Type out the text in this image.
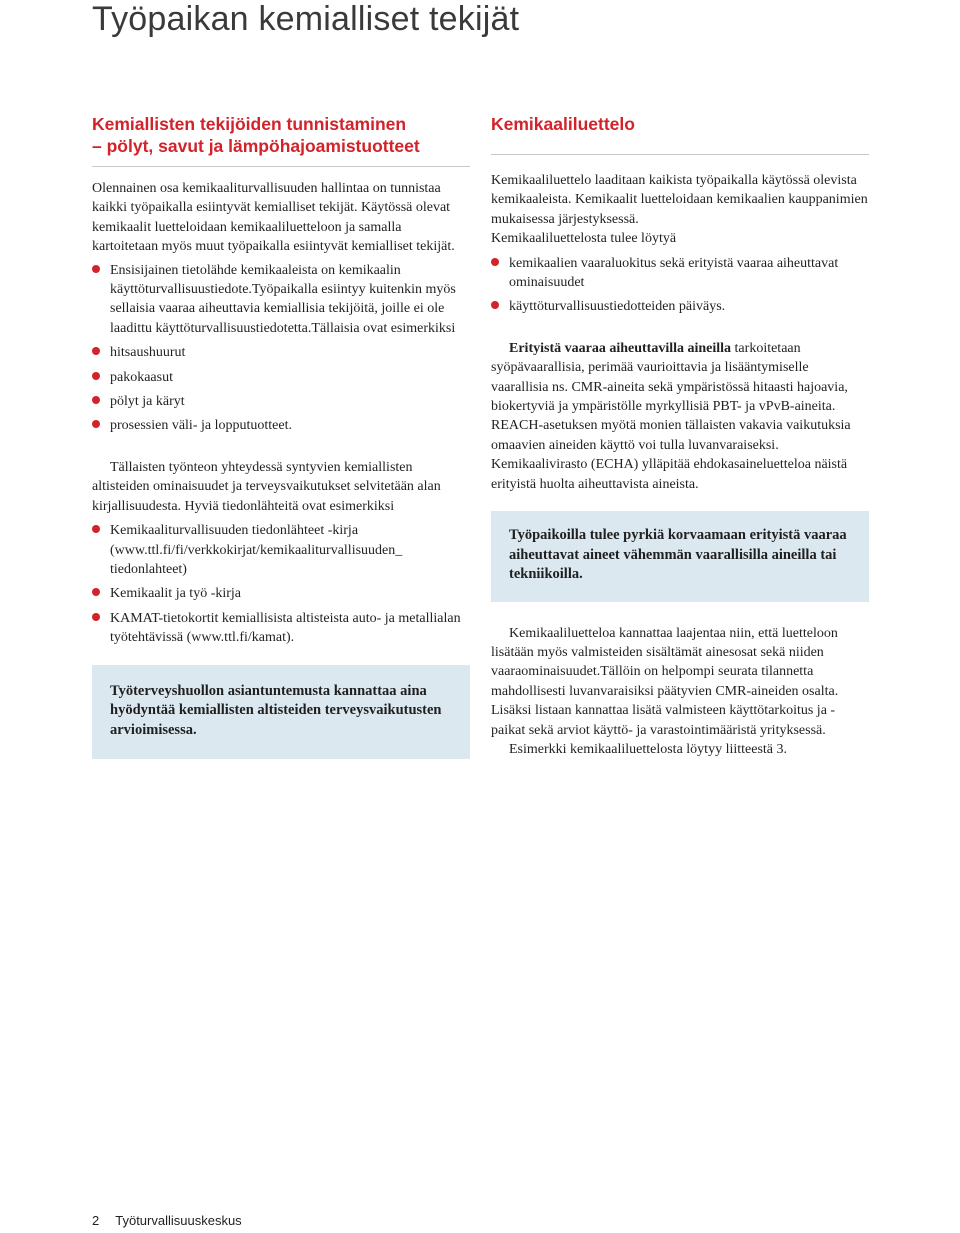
Työpaikan kemialliset tekijät
Kemiallisten tekijöiden tunnistaminen
– pölyt, savut ja lämpöhajoamistuotteet

Olennainen osa kemikaaliturvallisuuden hallintaa on tunnistaa kaikki työpaikalla esiintyvät kemialliset tekijät. Käytössä olevat kemikaalit luetteloidaan kemikaaliluetteloon ja samalla kartoitetaan myös muut työpaikalla esiintyvät kemialliset tekijät.

Ensisijainen tietolähde kemikaaleista on kemikaalin käyttöturvallisuustiedote.Työpaikalla esiintyy kuitenkin myös sellaisia vaaraa aiheuttavia kemiallisia tekijöitä, joille ei ole laadittu käyttöturvallisuustiedotetta.Tällaisia ovat esimerkiksi
hitsaushuurut
pakokaasut
pölyt ja käryt
prosessien väli- ja lopputuotteet.

Tällaisten työnteon yhteydessä syntyvien kemiallisten altisteiden ominaisuudet ja terveysvaikutukset selvitetään alan kirjallisuudesta. Hyviä tiedonlähteitä ovat esimerkiksi

Kemikaaliturvallisuuden tiedonlähteet -kirja (www.ttl.fi/fi/verkkokirjat/kemikaaliturvallisuuden_ tiedonlahteet)
Kemikaalit ja työ -kirja
KAMAT-tietokortit kemiallisista altisteista auto- ja metallialan työtehtävissä (www.ttl.fi/kamat).
Työterveyshuollon asiantuntemusta kannattaa aina hyödyntää kemiallisten altisteiden terveysvaikutusten arvioimisessa.
Kemikaaliluettelo

Kemikaaliluettelo laaditaan kaikista työpaikalla käytössä olevista kemikaaleista. Kemikaalit luetteloidaan kemikaalien kauppanimien mukaisessa järjestyksessä.

Kemikaaliluettelosta tulee löytyä

kemikaalien vaaraluokitus sekä erityistä vaaraa aiheuttavat ominaisuudet
käyttöturvallisuustiedotteiden päiväys.

Erityistä vaaraa aiheuttavilla aineilla tarkoitetaan syöpävaarallisia, perimää vaurioittavia ja lisääntymiselle vaarallisia ns. CMR-aineita sekä ympäristössä hitaasti hajoavia, biokertyviä ja ympäristölle myrkyllisiä PBT- ja vPvB-aineita. REACH-asetuksen myötä monien tällaisten vakavia vaikutuksia omaavien aineiden käyttö voi tulla luvanvaraiseksi. Kemikaalivirasto (ECHA) ylläpitää ehdokasaineluetteloa näistä erityistä huolta aiheuttavista aineista.

Työpaikoilla tulee pyrkiä korvaamaan erityistä vaaraa aiheuttavat aineet vähemmän vaarallisilla aineilla tai tekniikoilla.

Kemikaaliluetteloa kannattaa laajentaa niin, että luetteloon lisätään myös valmisteiden sisältämät ainesosat sekä niiden vaaraominaisuudet.Tällöin on helpompi seurata tilannetta mahdollisesti luvanvaraisiksi päätyvien CMR-aineiden osalta. Lisäksi listaan kannattaa lisätä valmisteen käyttötarkoitus ja -paikat sekä arviot käyttö- ja varastointimääristä yrityksessä.

Esimerkki kemikaaliluettelosta löytyy liitteestä 3.

2 Työturvallisuuskeskus
